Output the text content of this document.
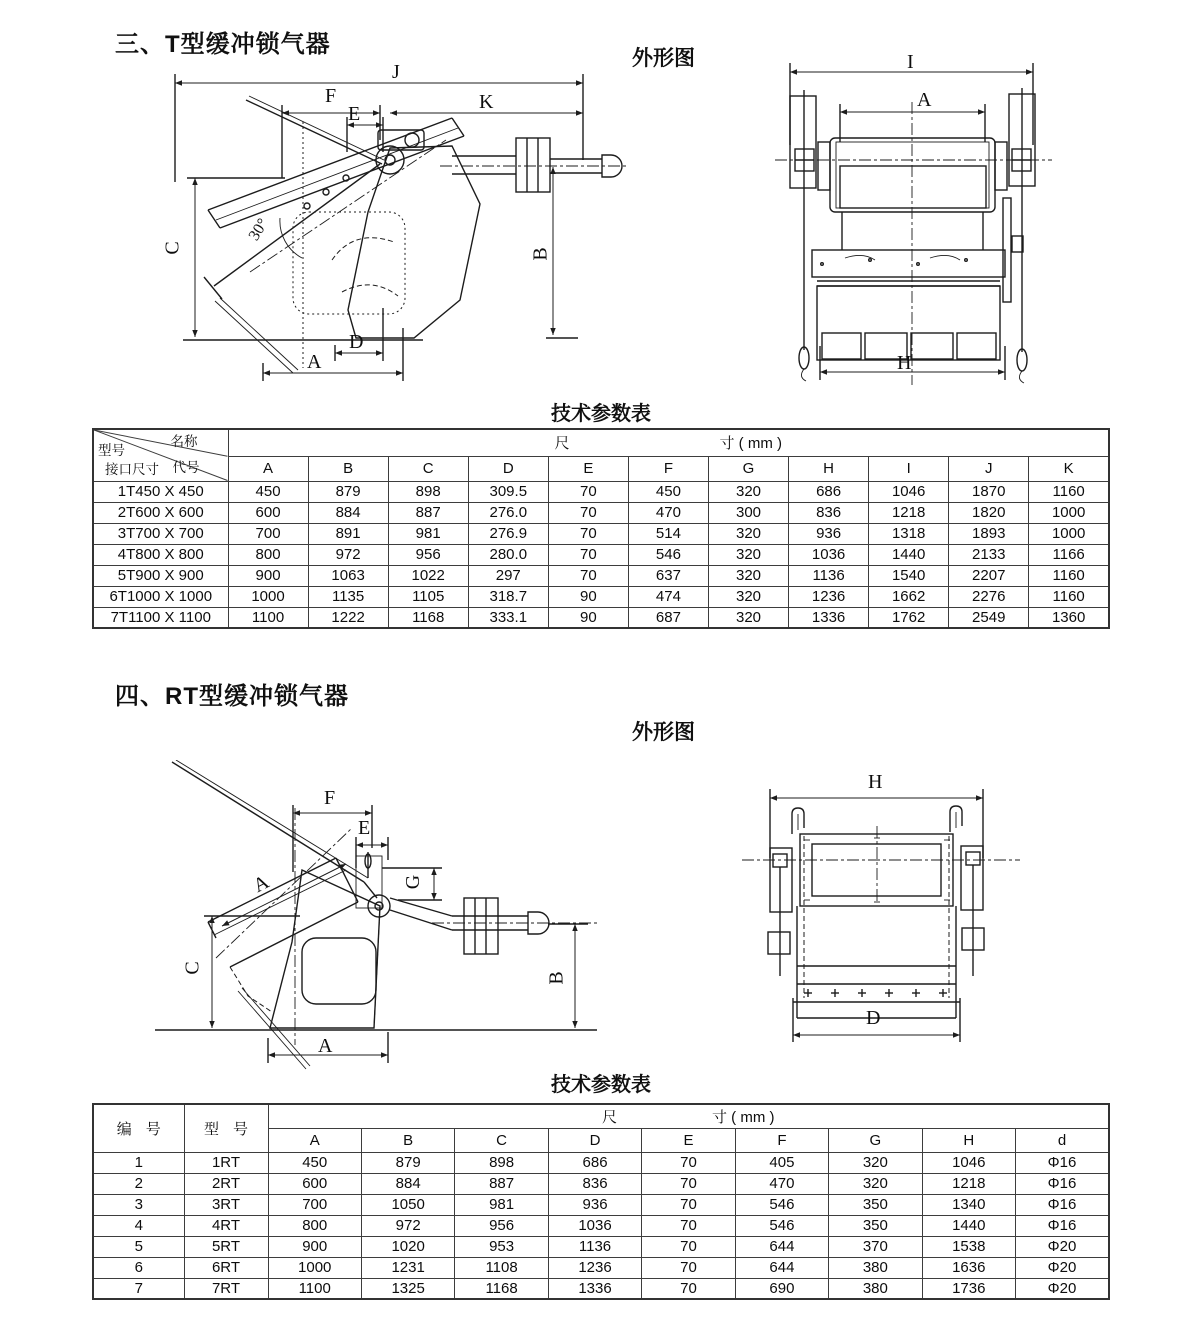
三、T型缓冲锁气器
外形图
J
F
E
K
C	B
D
A
30°
I
A
H
技术参数表
名称
代号
型号
接口尺寸	尺 寸 ( mm )										

	A	B	C	D	E	F	G	H	I	J	K
1T450 X 450	450	879	898	309.5	70	450	320	686	1046	1870	1160
2T600 X 600	600	884	887	276.0	70	470	300	836	1218	1820	1000
3T700 X 700	700	891	981	276.9	70	514	320	936	1318	1893	1000
4T800 X 800	800	972	956	280.0	70	546	320	1036	1440	2133	1166
5T900 X 900	900	1063	1022	297	70	637	320	1136	1540	2207	1160
6T1000 X 1000	1000	1135	1105	318.7	90	474	320	1236	1662	2276	1160
7T1100 X 1100	1100	1222	1168	333.1	90	687	320	1336	1762	2549	1360
四、RT型缓冲锁气器
外形图
F
E
G
A
C
B
A
H
D
技术参数表
编号	型号	尺 寸 ( mm )								

		A	B	C	D	E	F	G	H	d
1	1RT	450	879	898	686	70	405	320	1046	Φ16
2	2RT	600	884	887	836	70	470	320	1218	Φ16
3	3RT	700	1050	981	936	70	546	350	1340	Φ16
4	4RT	800	972	956	1036	70	546	350	1440	Φ16
5	5RT	900	1020	953	1136	70	644	370	1538	Φ20
6	6RT	1000	1231	1108	1236	70	644	380	1636	Φ20
7	7RT	1100	1325	1168	1336	70	690	380	1736	Φ20
